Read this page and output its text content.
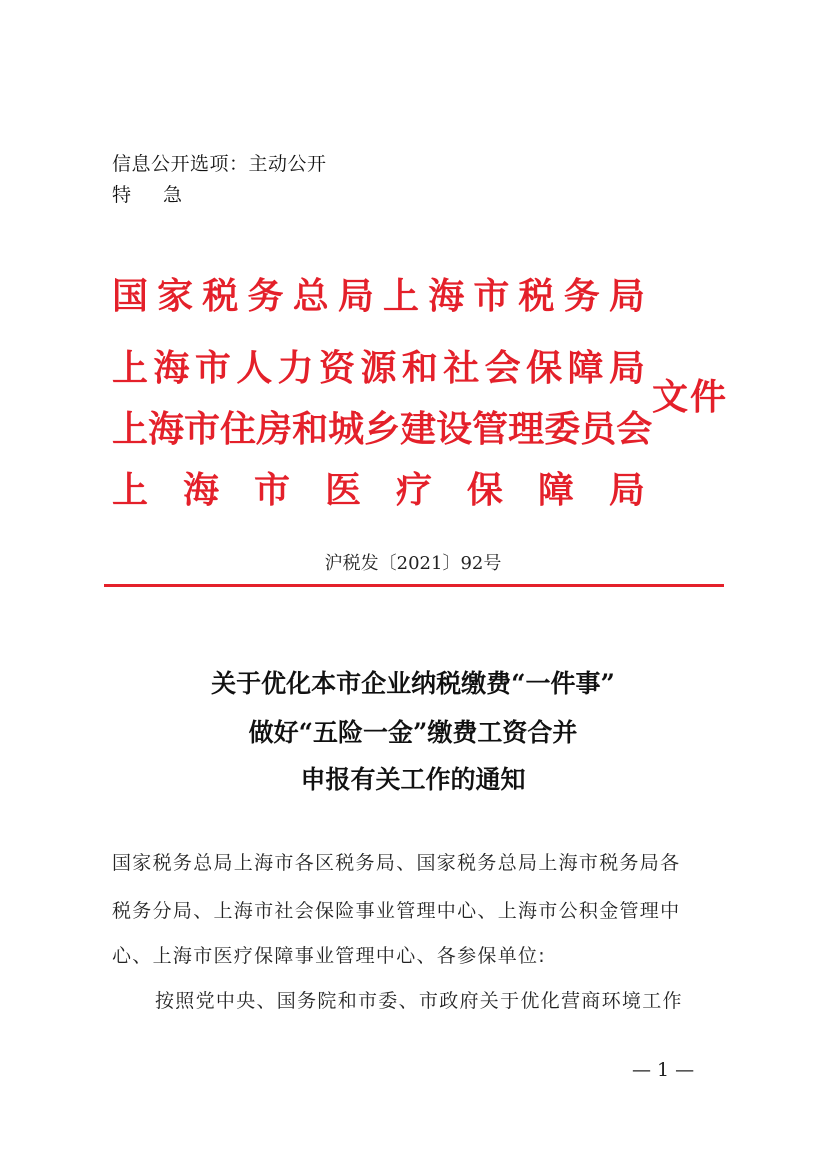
信息公开选项：主动公开
特 急
国 家 税 务 总 局 上 海 市 税 务 局
上 海 市 人 力 资 源 和 社 会 保 障 局
上 海 市 住 房 和 城 乡 建 设 管 理 委 员 会
上 海 市 医 疗 保 障 局
文件
沪税发〔2021〕92号
关于优化本市企业纳税缴费“一件事”
做好“五险一金”缴费工资合并
申报有关工作的通知
国家税务总局上海市各区税务局、国家税务总局上海市税务局各
税务分局、上海市社会保险事业管理中心、上海市公积金管理中
心、上海市医疗保障事业管理中心、各参保单位:
按照党中央、国务院和市委、市政府关于优化营商环境工作
— 1 —
